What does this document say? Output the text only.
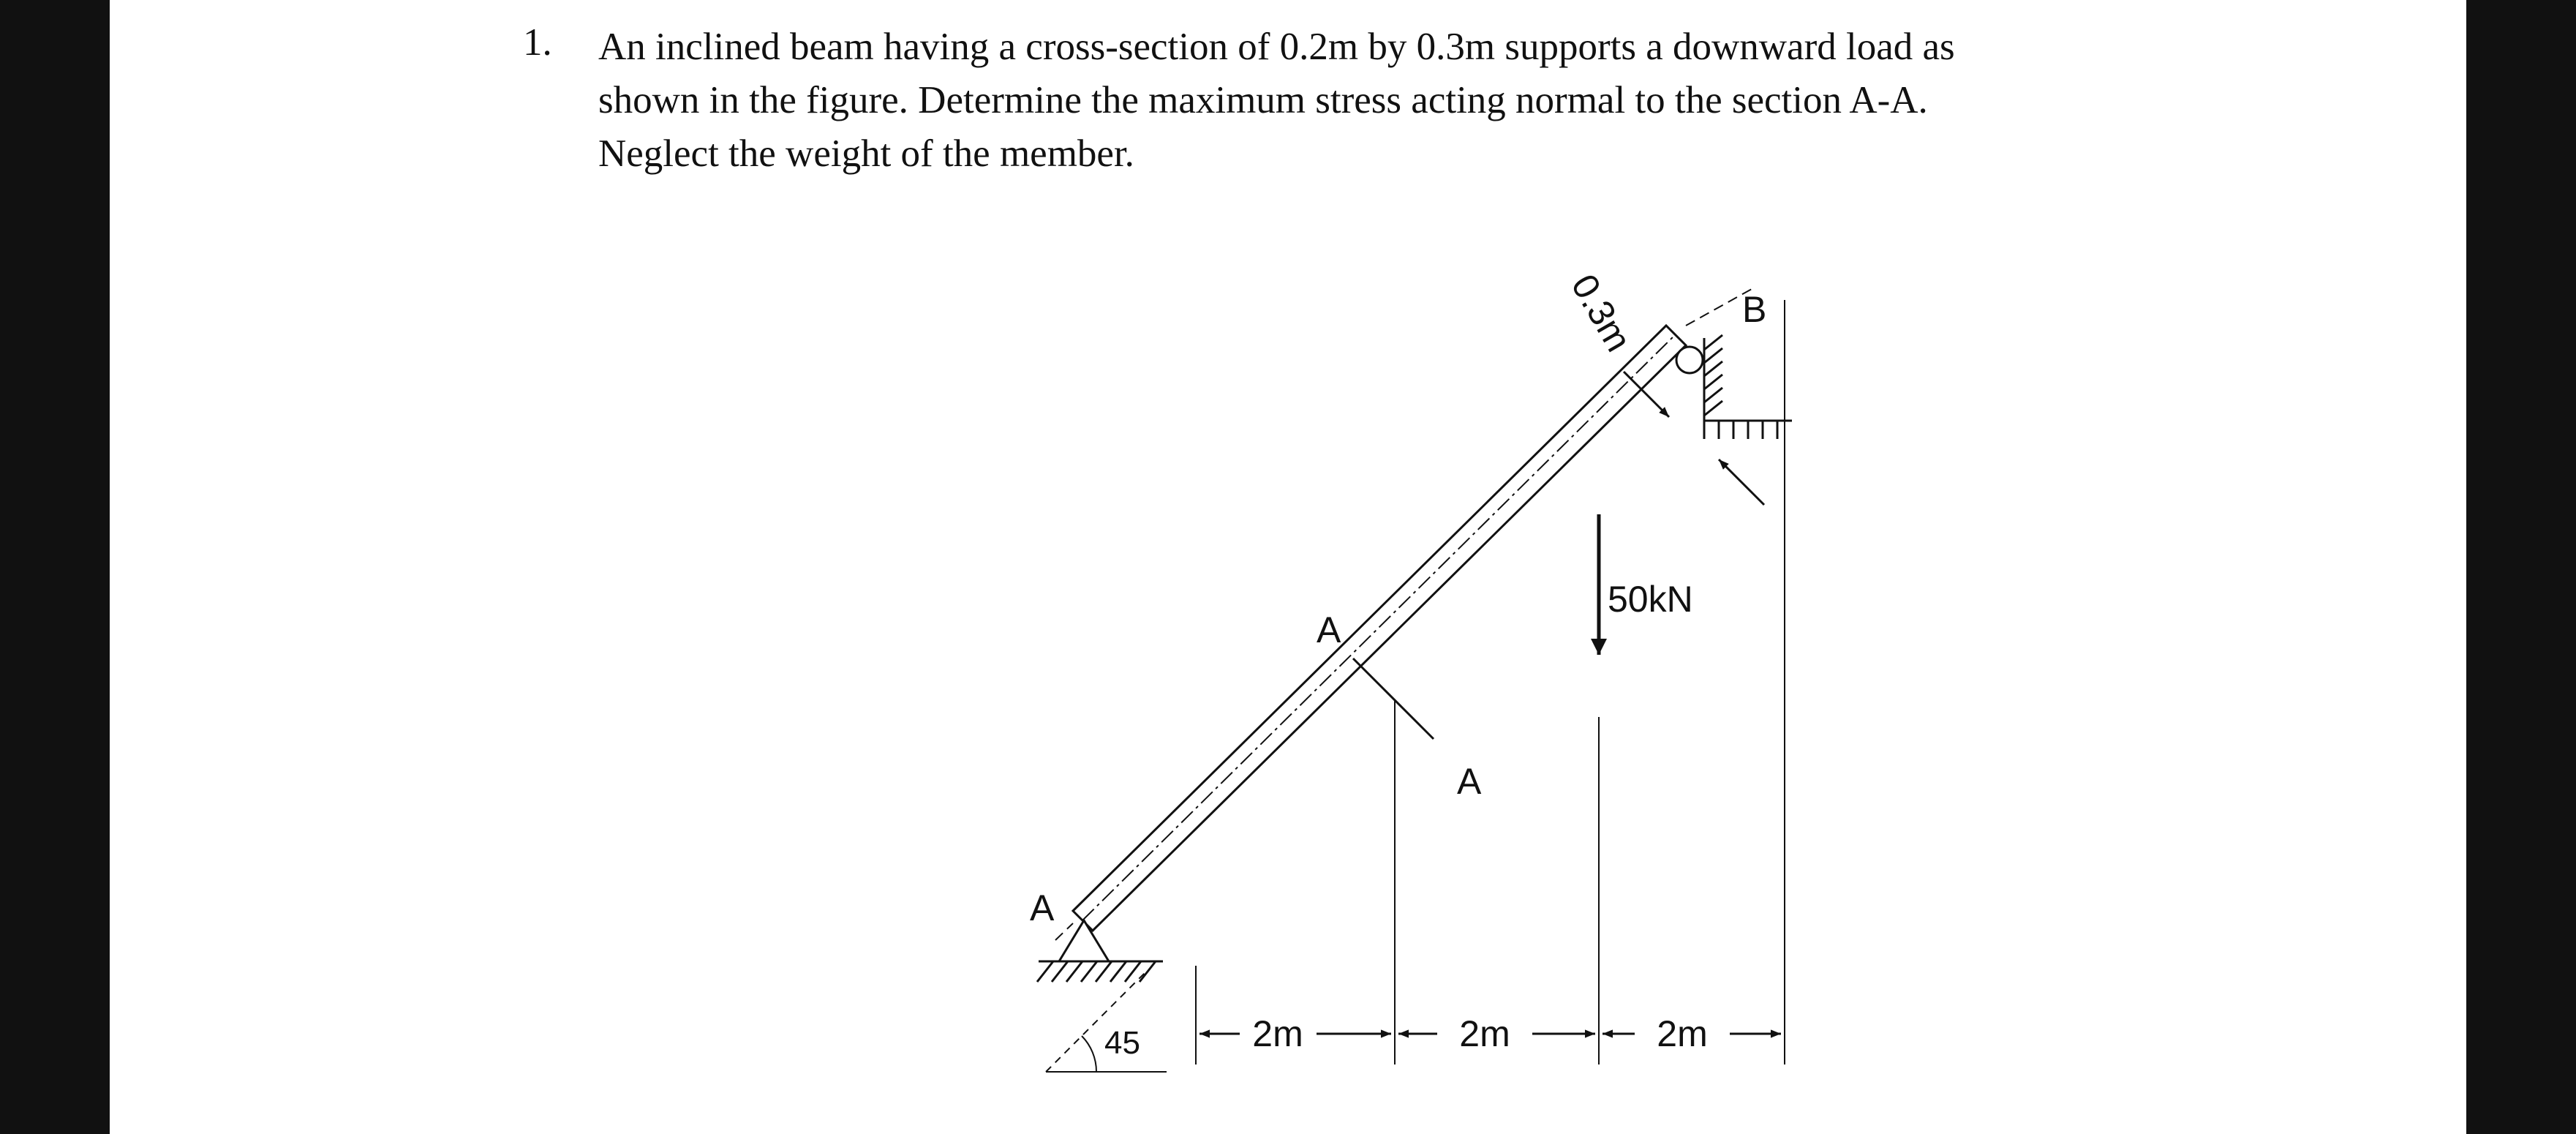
1. An inclined beam having a cross-section of 0.2m by 0.3m supports a downward load as
shown in the figure. Determine the maximum stress acting normal to the section A-A.
Neglect the weight of the member.
A
B
A
A
0.3m
50kN
2m	2m	2m
45
